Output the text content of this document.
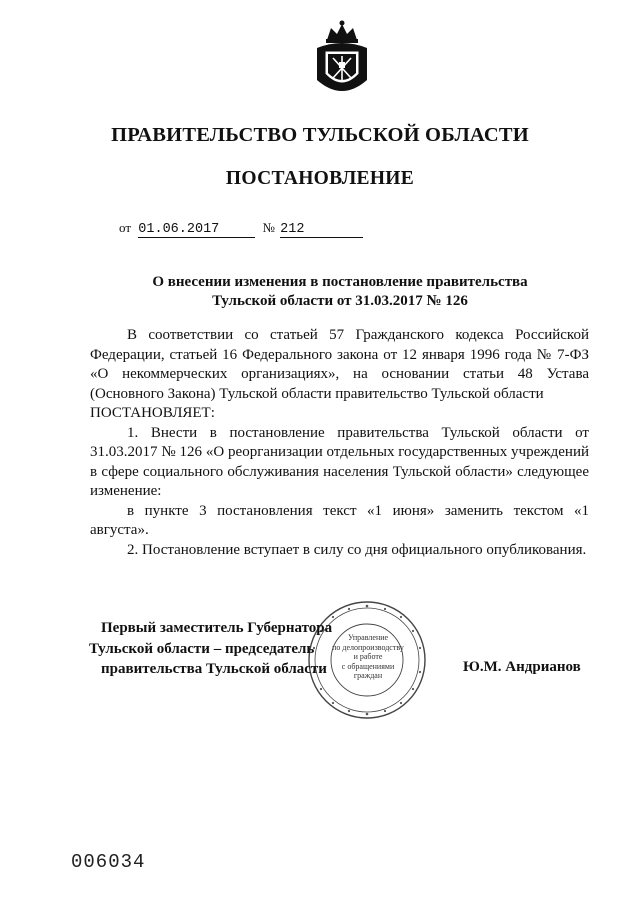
ПРАВИТЕЛЬСТВО ТУЛЬСКОЙ ОБЛАСТИ
ПОСТАНОВЛЕНИЕ
от 01.06.2017	№ 212
О внесении изменения в постановление правительства
Тульской области от 31.03.2017 № 126

В соответствии со статьей 57 Гражданского кодекса Российской Федерации, статьей 16 Федерального закона от 12 января 1996 года № 7-ФЗ «О некоммерческих организациях», на основании статьи 48 Устава (Основного Закона) Тульской области правительство Тульской области

ПОСТАНОВЛЯЕТ:

1. Внести в постановление правительства Тульской области от 31.03.2017 № 126 «О реорганизации отдельных государственных учреждений в сфере социального обслуживания населения Тульской области» следующее изменение:

в пункте 3 постановления текст «1 июня» заменить текстом «1 августа».

2. Постановление вступает в силу со дня официального опубликования.

Управление
по делопроизводству
и работе
с обращениями
граждан
Первый заместитель Губернатора
Тульской области – председатель
правительства Тульской области	Ю.М. Андрианов
006034
